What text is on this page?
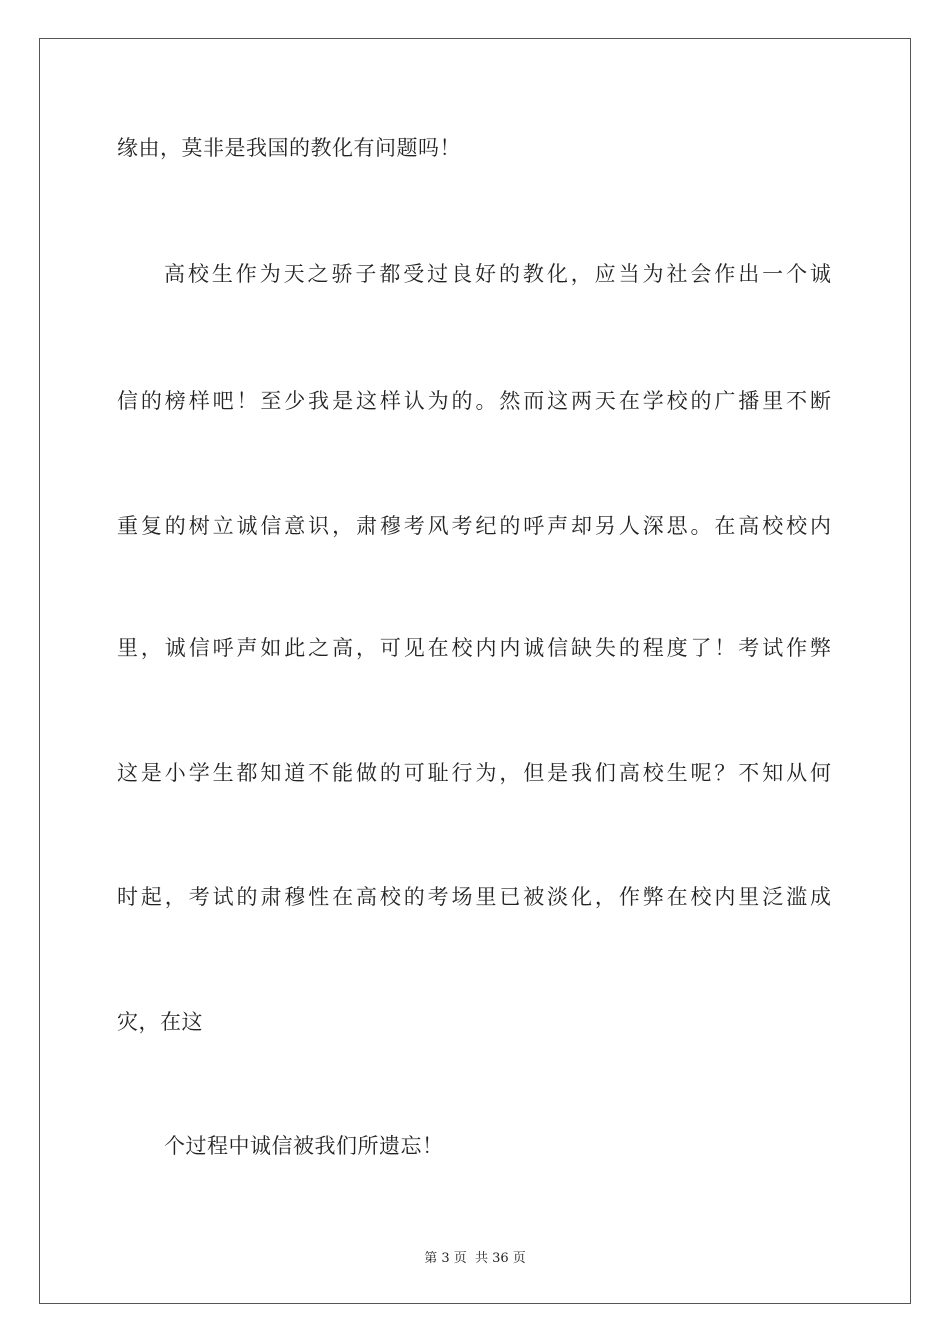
缘由，莫非是我国的教化有问题吗！
高校生作为天之骄子都受过良好的教化，应当为社会作出一个诚
信的榜样吧！至少我是这样认为的。然而这两天在学校的广播里不断
重复的树立诚信意识，肃穆考风考纪的呼声却另人深思。在高校校内
里，诚信呼声如此之高，可见在校内内诚信缺失的程度了！考试作弊
这是小学生都知道不能做的可耻行为，但是我们高校生呢？不知从何
时起，考试的肃穆性在高校的考场里已被淡化，作弊在校内里泛滥成
灾，在这
个过程中诚信被我们所遗忘！
第 3 页 共 36 页
